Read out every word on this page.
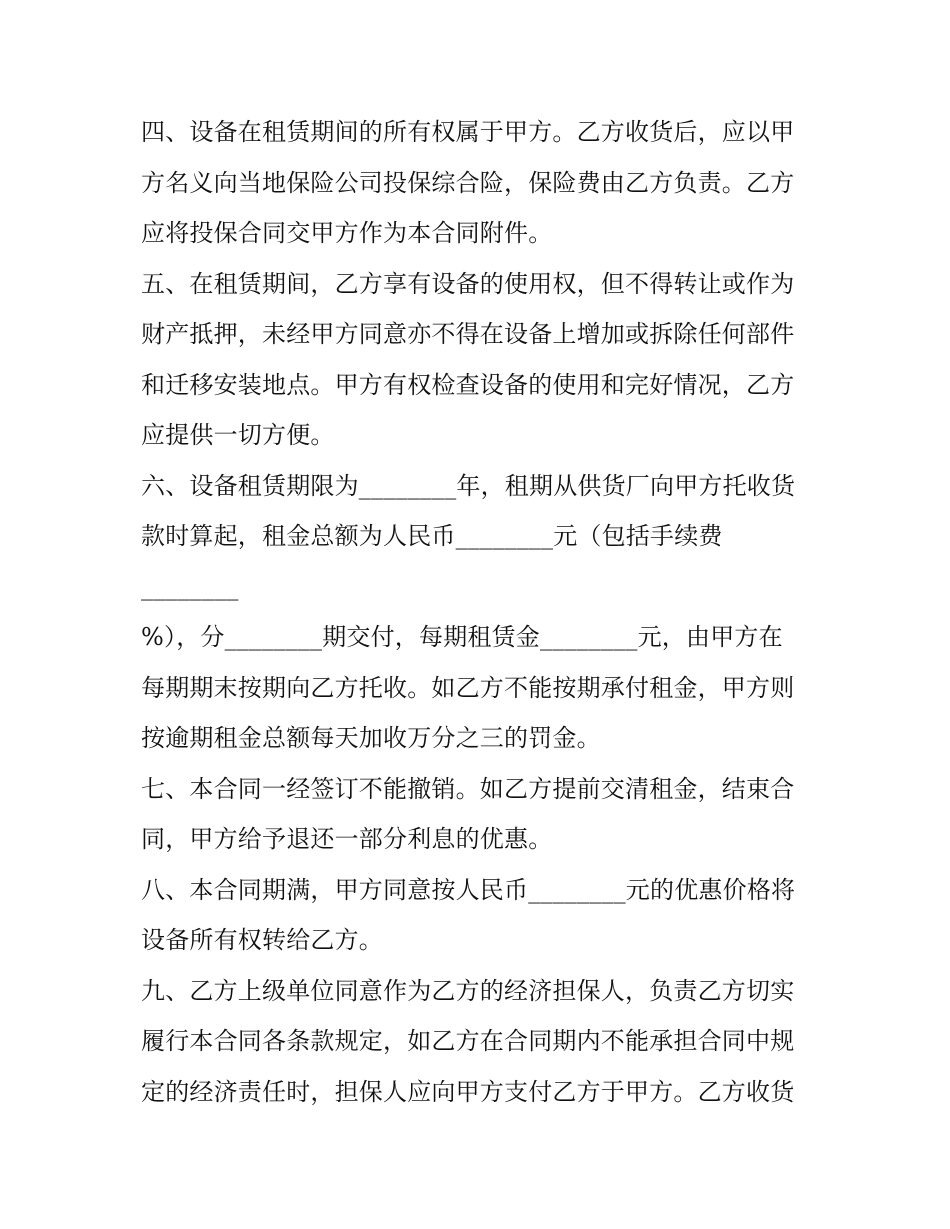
四、设备在租赁期间的所有权属于甲方。乙方收货后，应以甲
方名义向当地保险公司投保综合险，保险费由乙方负责。乙方
应将投保合同交甲方作为本合同附件。
五、在租赁期间，乙方享有设备的使用权，但不得转让或作为
财产抵押，未经甲方同意亦不得在设备上增加或拆除任何部件
和迁移安装地点。甲方有权检查设备的使用和完好情况，乙方
应提供一切方便。
六、设备租赁期限为________年，租期从供货厂向甲方托收货
款时算起，租金总额为人民币________元（包括手续费
________
%），分________期交付，每期租赁金________元，由甲方在
每期期末按期向乙方托收。如乙方不能按期承付租金，甲方则
按逾期租金总额每天加收万分之三的罚金。
七、本合同一经签订不能撤销。如乙方提前交清租金，结束合
同，甲方给予退还一部分利息的优惠。
八、本合同期满，甲方同意按人民币________元的优惠价格将
设备所有权转给乙方。
九、乙方上级单位同意作为乙方的经济担保人，负责乙方切实
履行本合同各条款规定，如乙方在合同期内不能承担合同中规
定的经济责任时，担保人应向甲方支付乙方于甲方。乙方收货
